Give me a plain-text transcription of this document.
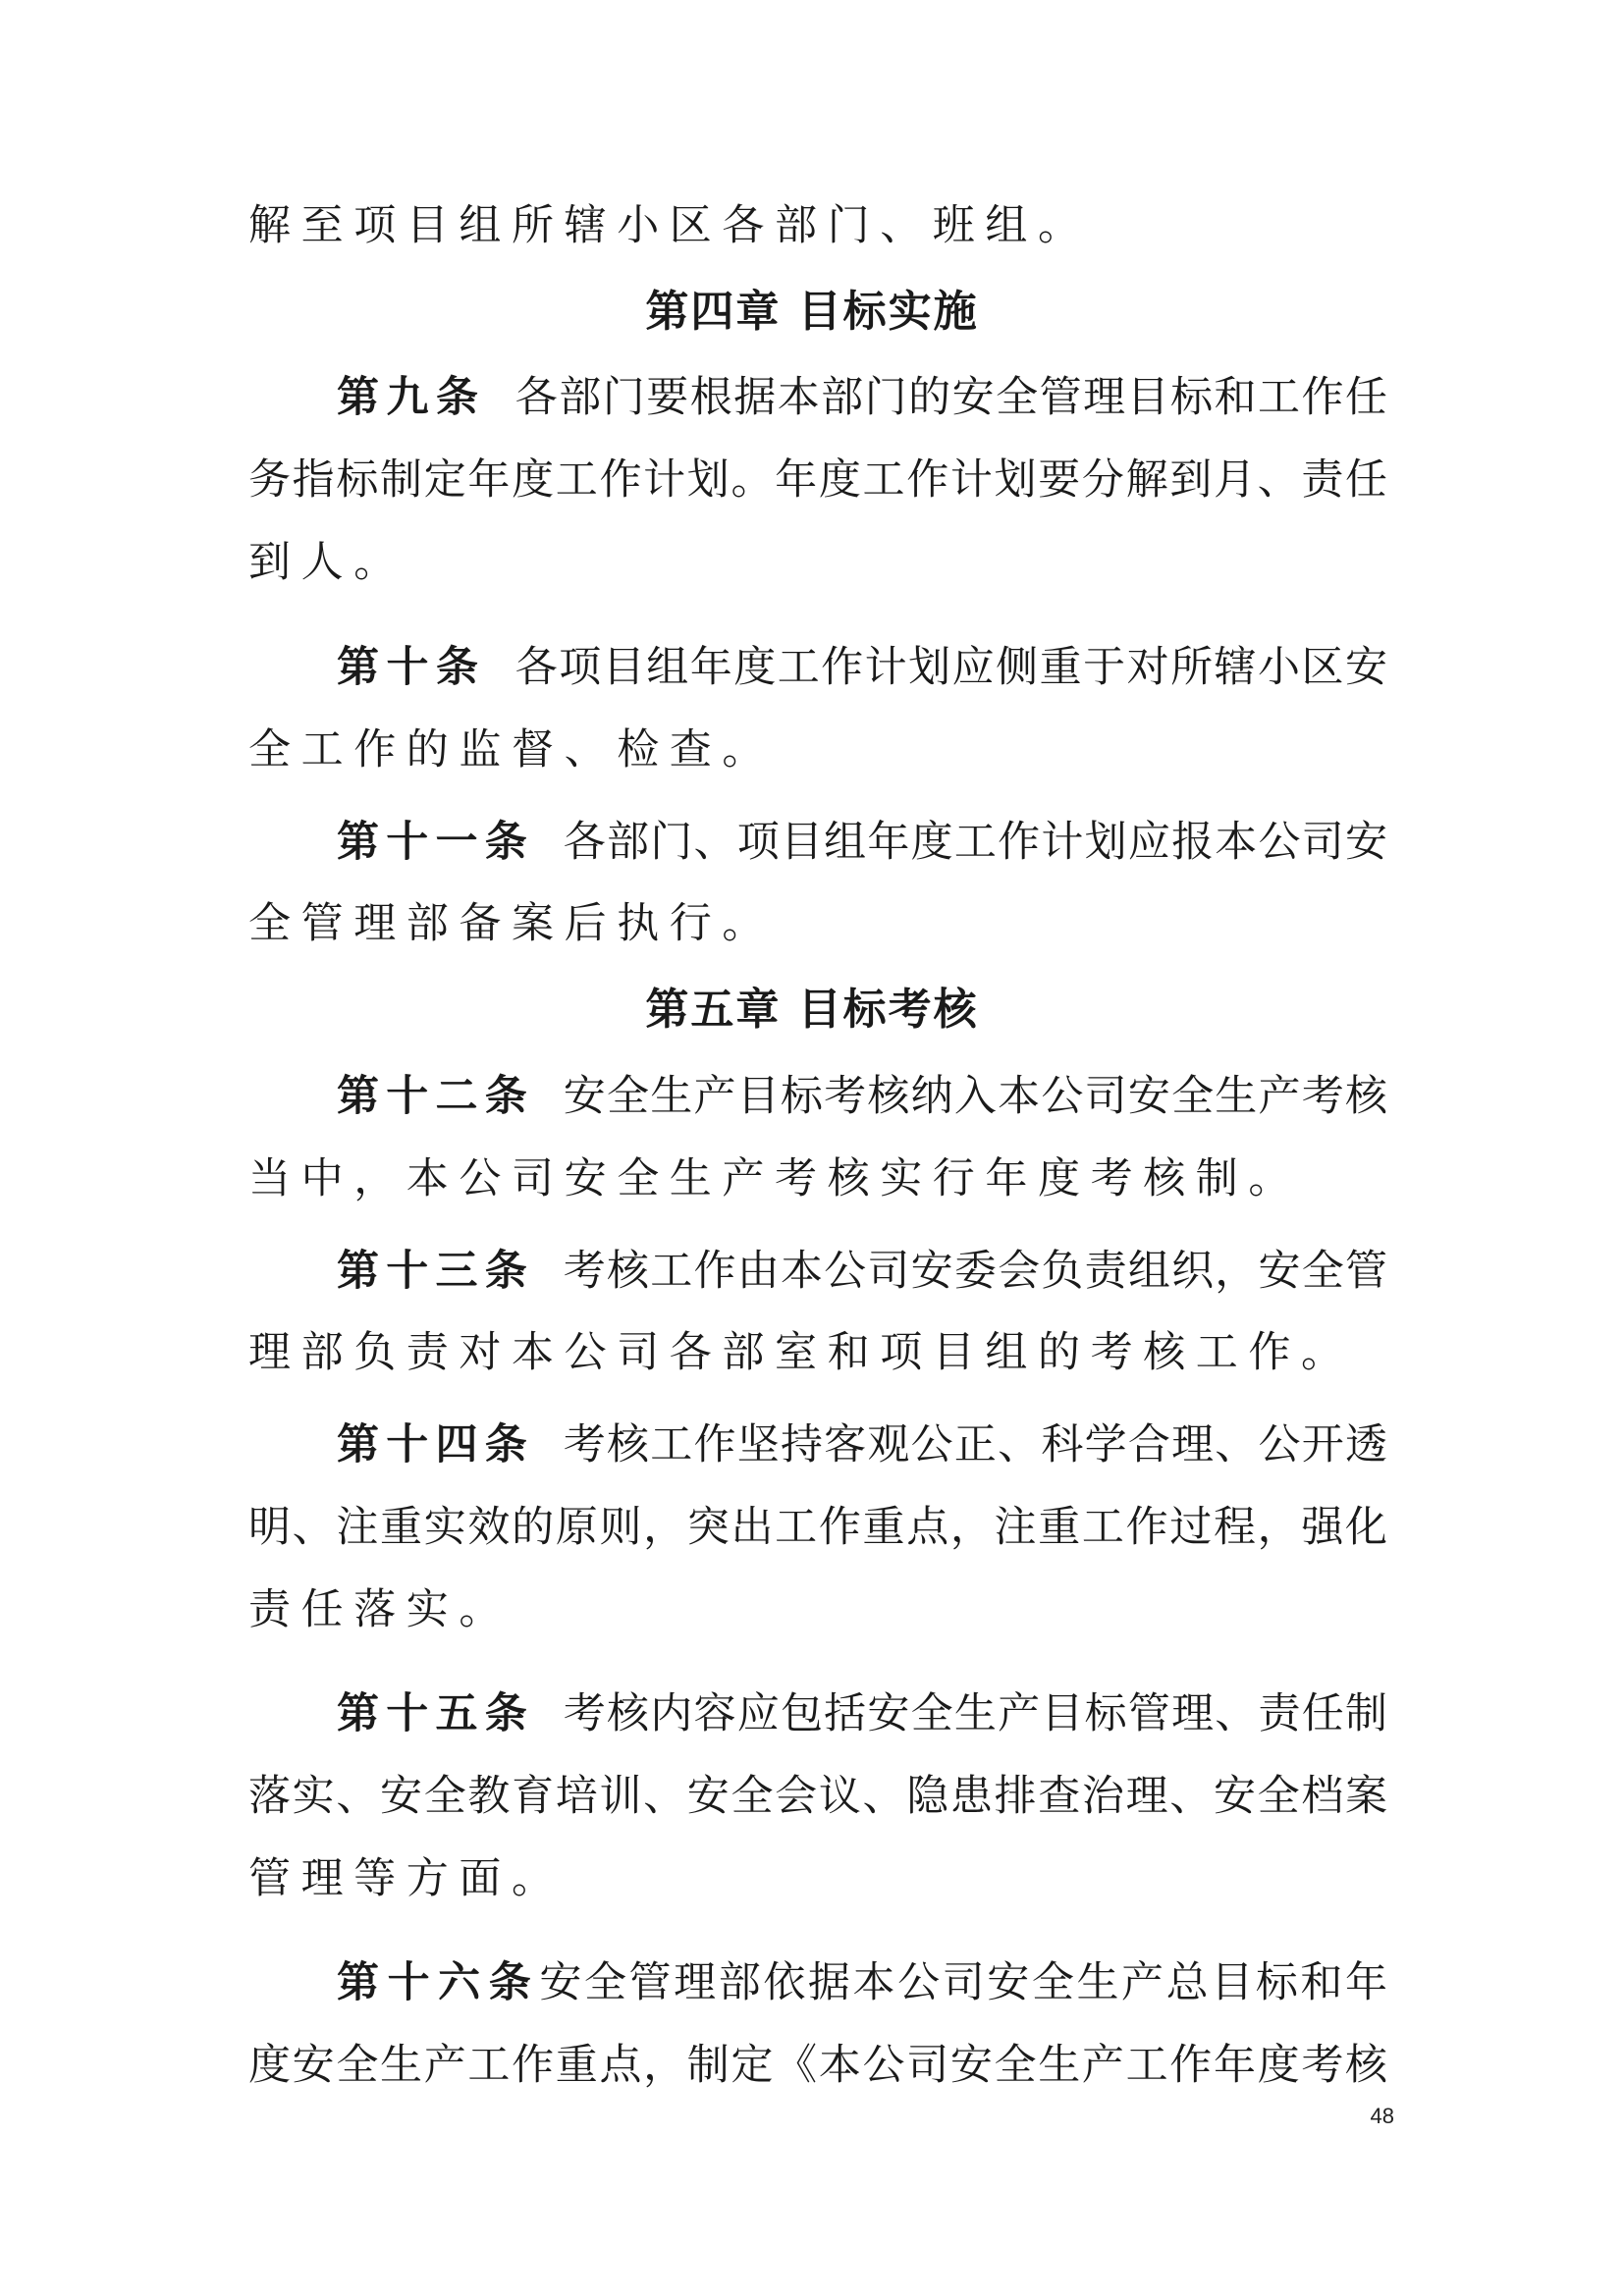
解至项目组所辖小区各部门、班组。
第四章 目标实施
第九条 各部门要根据本部门的安全管理目标和工作任
务指标制定年度工作计划。年度工作计划要分解到月、责任
到人。
第十条 各项目组年度工作计划应侧重于对所辖小区安
全工作的监督、检查。
第十一条 各部门、项目组年度工作计划应报本公司安
全管理部备案后执行。
第五章 目标考核
第十二条 安全生产目标考核纳入本公司安全生产考核
当中，本公司安全生产考核实行年度考核制。
第十三条 考核工作由本公司安委会负责组织，安全管
理部负责对本公司各部室和项目组的考核工作。
第十四条 考核工作坚持客观公正、科学合理、公开透
明、注重实效的原则，突出工作重点，注重工作过程，强化
责任落实。
第十五条 考核内容应包括安全生产目标管理、责任制
落实、安全教育培训、安全会议、隐患排查治理、安全档案
管理等方面。
第十六条安全管理部依据本公司安全生产总目标和年
度安全生产工作重点，制定《本公司安全生产工作年度考核
48
